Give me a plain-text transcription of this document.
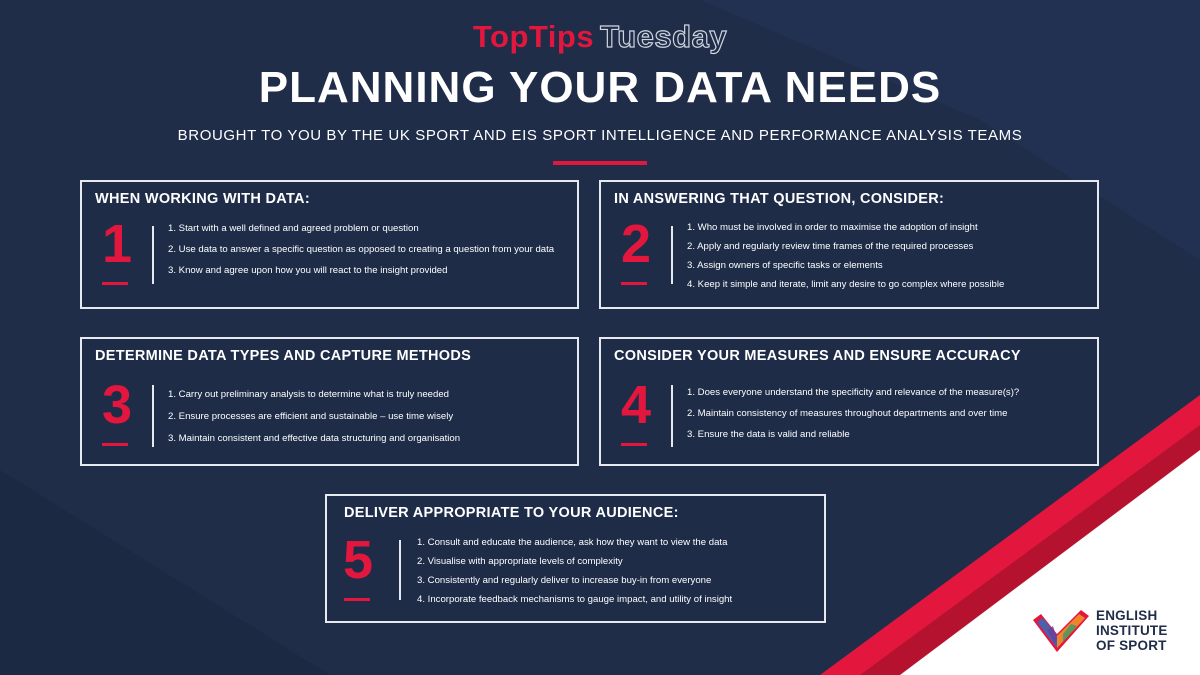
TopTips Tuesday
PLANNING YOUR DATA NEEDS
BROUGHT TO YOU BY THE UK SPORT AND EIS SPORT INTELLIGENCE AND PERFORMANCE ANALYSIS TEAMS
WHEN WORKING WITH DATA:
1	1. Start with a well defined and agreed problem or question
2. Use data to answer a specific question as opposed to creating a question from your data
3. Know and agree upon how you will react to the insight provided
IN ANSWERING THAT QUESTION, CONSIDER:
2	1. Who must be involved in order to maximise the adoption of insight
2. Apply and regularly review time frames of the required processes
3. Assign owners of specific tasks or elements
4. Keep it simple and iterate, limit any desire to go complex where possible
DETERMINE DATA TYPES AND CAPTURE METHODS
3	1. Carry out preliminary analysis to determine what is truly needed
2. Ensure processes are efficient and sustainable – use time wisely
3. Maintain consistent and effective data structuring and organisation
CONSIDER YOUR MEASURES AND ENSURE ACCURACY
4	1. Does everyone understand the specificity and relevance of the measure(s)?
2. Maintain consistency of measures throughout departments and over time
3. Ensure the data is valid and reliable
DELIVER APPROPRIATE TO YOUR AUDIENCE:
5	1. Consult and educate the audience, ask how they want to view the data
2. Visualise with appropriate levels of complexity
3. Consistently and regularly deliver to increase buy-in from everyone
4. Incorporate feedback mechanisms to gauge impact, and utility of insight
ENGLISH
INSTITUTE
OF SPORT
